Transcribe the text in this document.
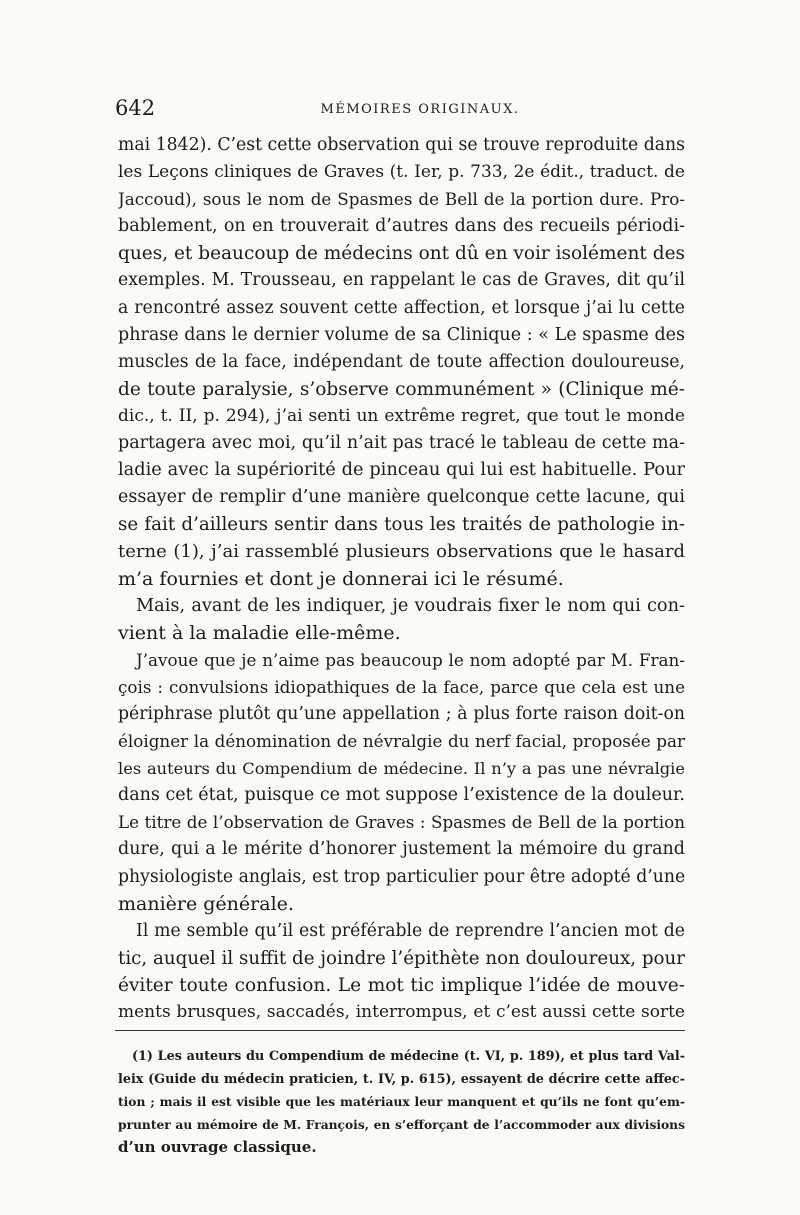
642	MÉMOIRES ORIGINAUX.
mai 1842). C’est cette observation qui se trouve reproduite dans
les Leçons cliniques de Graves (t. Ier, p. 733, 2e édit., traduct. de
Jaccoud), sous le nom de Spasmes de Bell de la portion dure. Pro-
bablement, on en trouverait d’autres dans des recueils périodi-
ques, et beaucoup de médecins ont dû en voir isolément des
exemples. M. Trousseau, en rappelant le cas de Graves, dit qu’il
a rencontré assez souvent cette affection, et lorsque j’ai lu cette
phrase dans le dernier volume de sa Clinique : « Le spasme des
muscles de la face, indépendant de toute affection douloureuse,
de toute paralysie, s’observe communément » (Clinique mé-
dic., t. II, p. 294), j’ai senti un extrême regret, que tout le monde
partagera avec moi, qu’il n’ait pas tracé le tableau de cette ma-
ladie avec la supériorité de pinceau qui lui est habituelle. Pour
essayer de remplir d’une manière quelconque cette lacune, qui
se fait d’ailleurs sentir dans tous les traités de pathologie in-
terne (1), j’ai rassemblé plusieurs observations que le hasard
m’a fournies et dont je donnerai ici le résumé.
Mais, avant de les indiquer, je voudrais fixer le nom qui con-
vient à la maladie elle-même.
J’avoue que je n’aime pas beaucoup le nom adopté par M. Fran-
çois : convulsions idiopathiques de la face, parce que cela est une
périphrase plutôt qu’une appellation ; à plus forte raison doit-on
éloigner la dénomination de névralgie du nerf facial, proposée par
les auteurs du Compendium de médecine. Il n’y a pas une névralgie
dans cet état, puisque ce mot suppose l’existence de la douleur.
Le titre de l’observation de Graves : Spasmes de Bell de la portion
dure, qui a le mérite d’honorer justement la mémoire du grand
physiologiste anglais, est trop particulier pour être adopté d’une
manière générale.
Il me semble qu’il est préférable de reprendre l’ancien mot de
tic, auquel il suffit de joindre l’épithète non douloureux, pour
éviter toute confusion. Le mot tic implique l’idée de mouve-
ments brusques, saccadés, interrompus, et c’est aussi cette sorte
(1) Les auteurs du Compendium de médecine (t. VI, p. 189), et plus tard Val-
leix (Guide du médecin praticien, t. IV, p. 615), essayent de décrire cette affec-
tion ; mais il est visible que les matériaux leur manquent et qu’ils ne font qu’em-
prunter au mémoire de M. François, en s’efforçant de l’accommoder aux divisions
d’un ouvrage classique.
